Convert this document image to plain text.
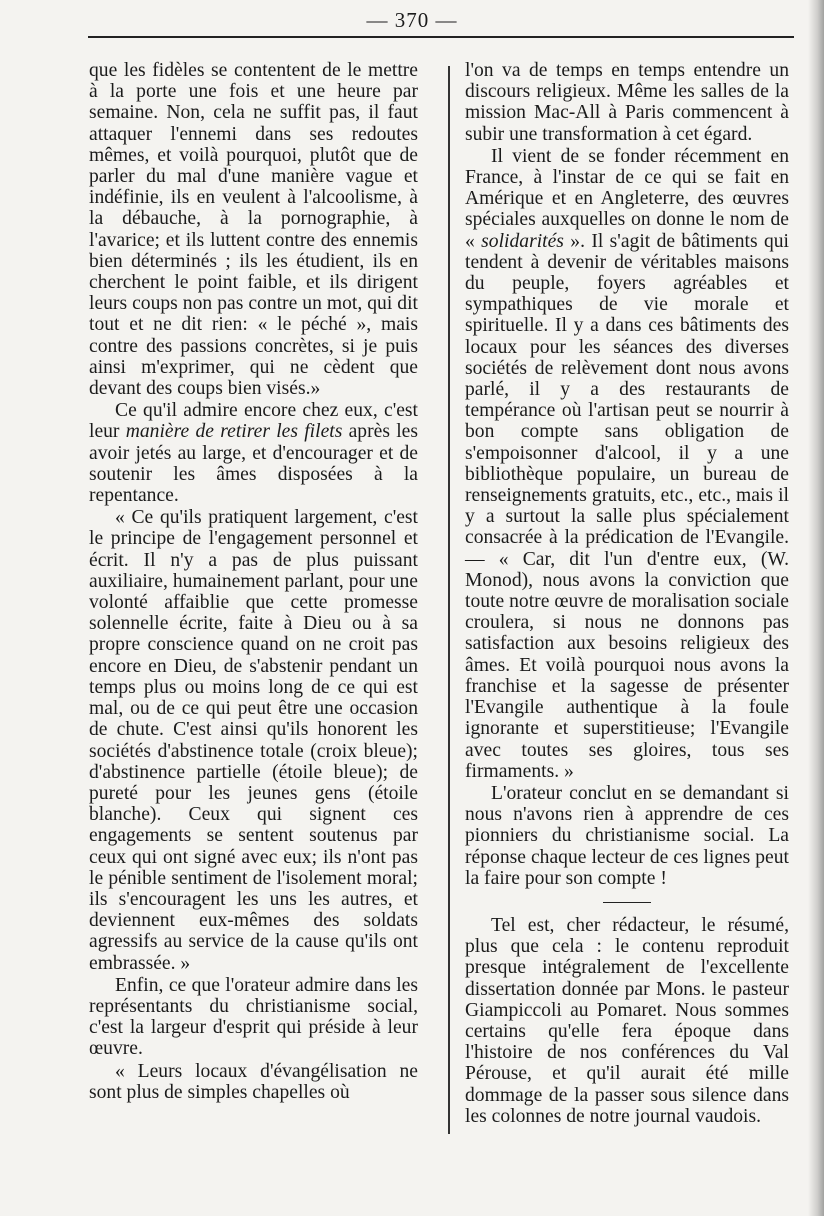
— 370 —

que les fidèles se contentent de le mettre à la porte une fois et une heure par semaine. Non, cela ne suffit pas, il faut attaquer l'ennemi dans ses redoutes mêmes, et voilà pourquoi, plutôt que de parler du mal d'une manière vague et indéfinie, ils en veulent à l'alcoolisme, à la débauche, à la pornographie, à l'avarice; et ils luttent contre des ennemis bien déterminés ; ils les étudient, ils en cherchent le point faible, et ils dirigent leurs coups non pas contre un mot, qui dit tout et ne dit rien: « le péché », mais contre des passions concrètes, si je puis ainsi m'exprimer, qui ne cèdent que devant des coups bien visés.»

Ce qu'il admire encore chez eux, c'est leur manière de retirer les filets après les avoir jetés au large, et d'encourager et de soutenir les âmes disposées à la repentance.

« Ce qu'ils pratiquent largement, c'est le principe de l'engagement personnel et écrit. Il n'y a pas de plus puissant auxiliaire, humainement parlant, pour une volonté affaiblie que cette promesse solennelle écrite, faite à Dieu ou à sa propre conscience quand on ne croit pas encore en Dieu, de s'abstenir pendant un temps plus ou moins long de ce qui est mal, ou de ce qui peut être une occasion de chute. C'est ainsi qu'ils honorent les sociétés d'abstinence totale (croix bleue); d'abstinence partielle (étoile bleue); de pureté pour les jeunes gens (étoile blanche). Ceux qui signent ces engagements se sentent soutenus par ceux qui ont signé avec eux; ils n'ont pas le pénible sentiment de l'isolement moral; ils s'encouragent les uns les autres, et deviennent eux-mêmes des soldats agressifs au service de la cause qu'ils ont embrassée. »

Enfin, ce que l'orateur admire dans les représentants du christianisme social, c'est la largeur d'esprit qui préside à leur œuvre.

« Leurs locaux d'évangélisation ne sont plus de simples chapelles où

l'on va de temps en temps entendre un discours religieux. Même les salles de la mission Mac-All à Paris commencent à subir une transformation à cet égard.

Il vient de se fonder récemment en France, à l'instar de ce qui se fait en Amérique et en Angleterre, des œuvres spéciales auxquelles on donne le nom de « solidarités ». Il s'agit de bâtiments qui tendent à devenir de véritables maisons du peuple, foyers agréables et sympathiques de vie morale et spirituelle. Il y a dans ces bâtiments des locaux pour les séances des diverses sociétés de relèvement dont nous avons parlé, il y a des restaurants de tempérance où l'artisan peut se nourrir à bon compte sans obligation de s'empoisonner d'alcool, il y a une bibliothèque populaire, un bureau de renseignements gratuits, etc., etc., mais il y a surtout la salle plus spécialement consacrée à la prédication de l'Evangile. — « Car, dit l'un d'entre eux, (W. Monod), nous avons la conviction que toute notre œuvre de moralisation sociale croulera, si nous ne donnons pas satisfaction aux besoins religieux des âmes. Et voilà pourquoi nous avons la franchise et la sagesse de présenter l'Evangile authentique à la foule ignorante et superstitieuse; l'Evangile avec toutes ses gloires, tous ses firmaments. »

L'orateur conclut en se demandant si nous n'avons rien à apprendre de ces pionniers du christianisme social. La réponse chaque lecteur de ces lignes peut la faire pour son compte !

Tel est, cher rédacteur, le résumé, plus que cela : le contenu reproduit presque intégralement de l'excellente dissertation donnée par Mons. le pasteur Giampiccoli au Pomaret. Nous sommes certains qu'elle fera époque dans l'histoire de nos conférences du Val Pérouse, et qu'il aurait été mille dommage de la passer sous silence dans les colonnes de notre journal vaudois.
